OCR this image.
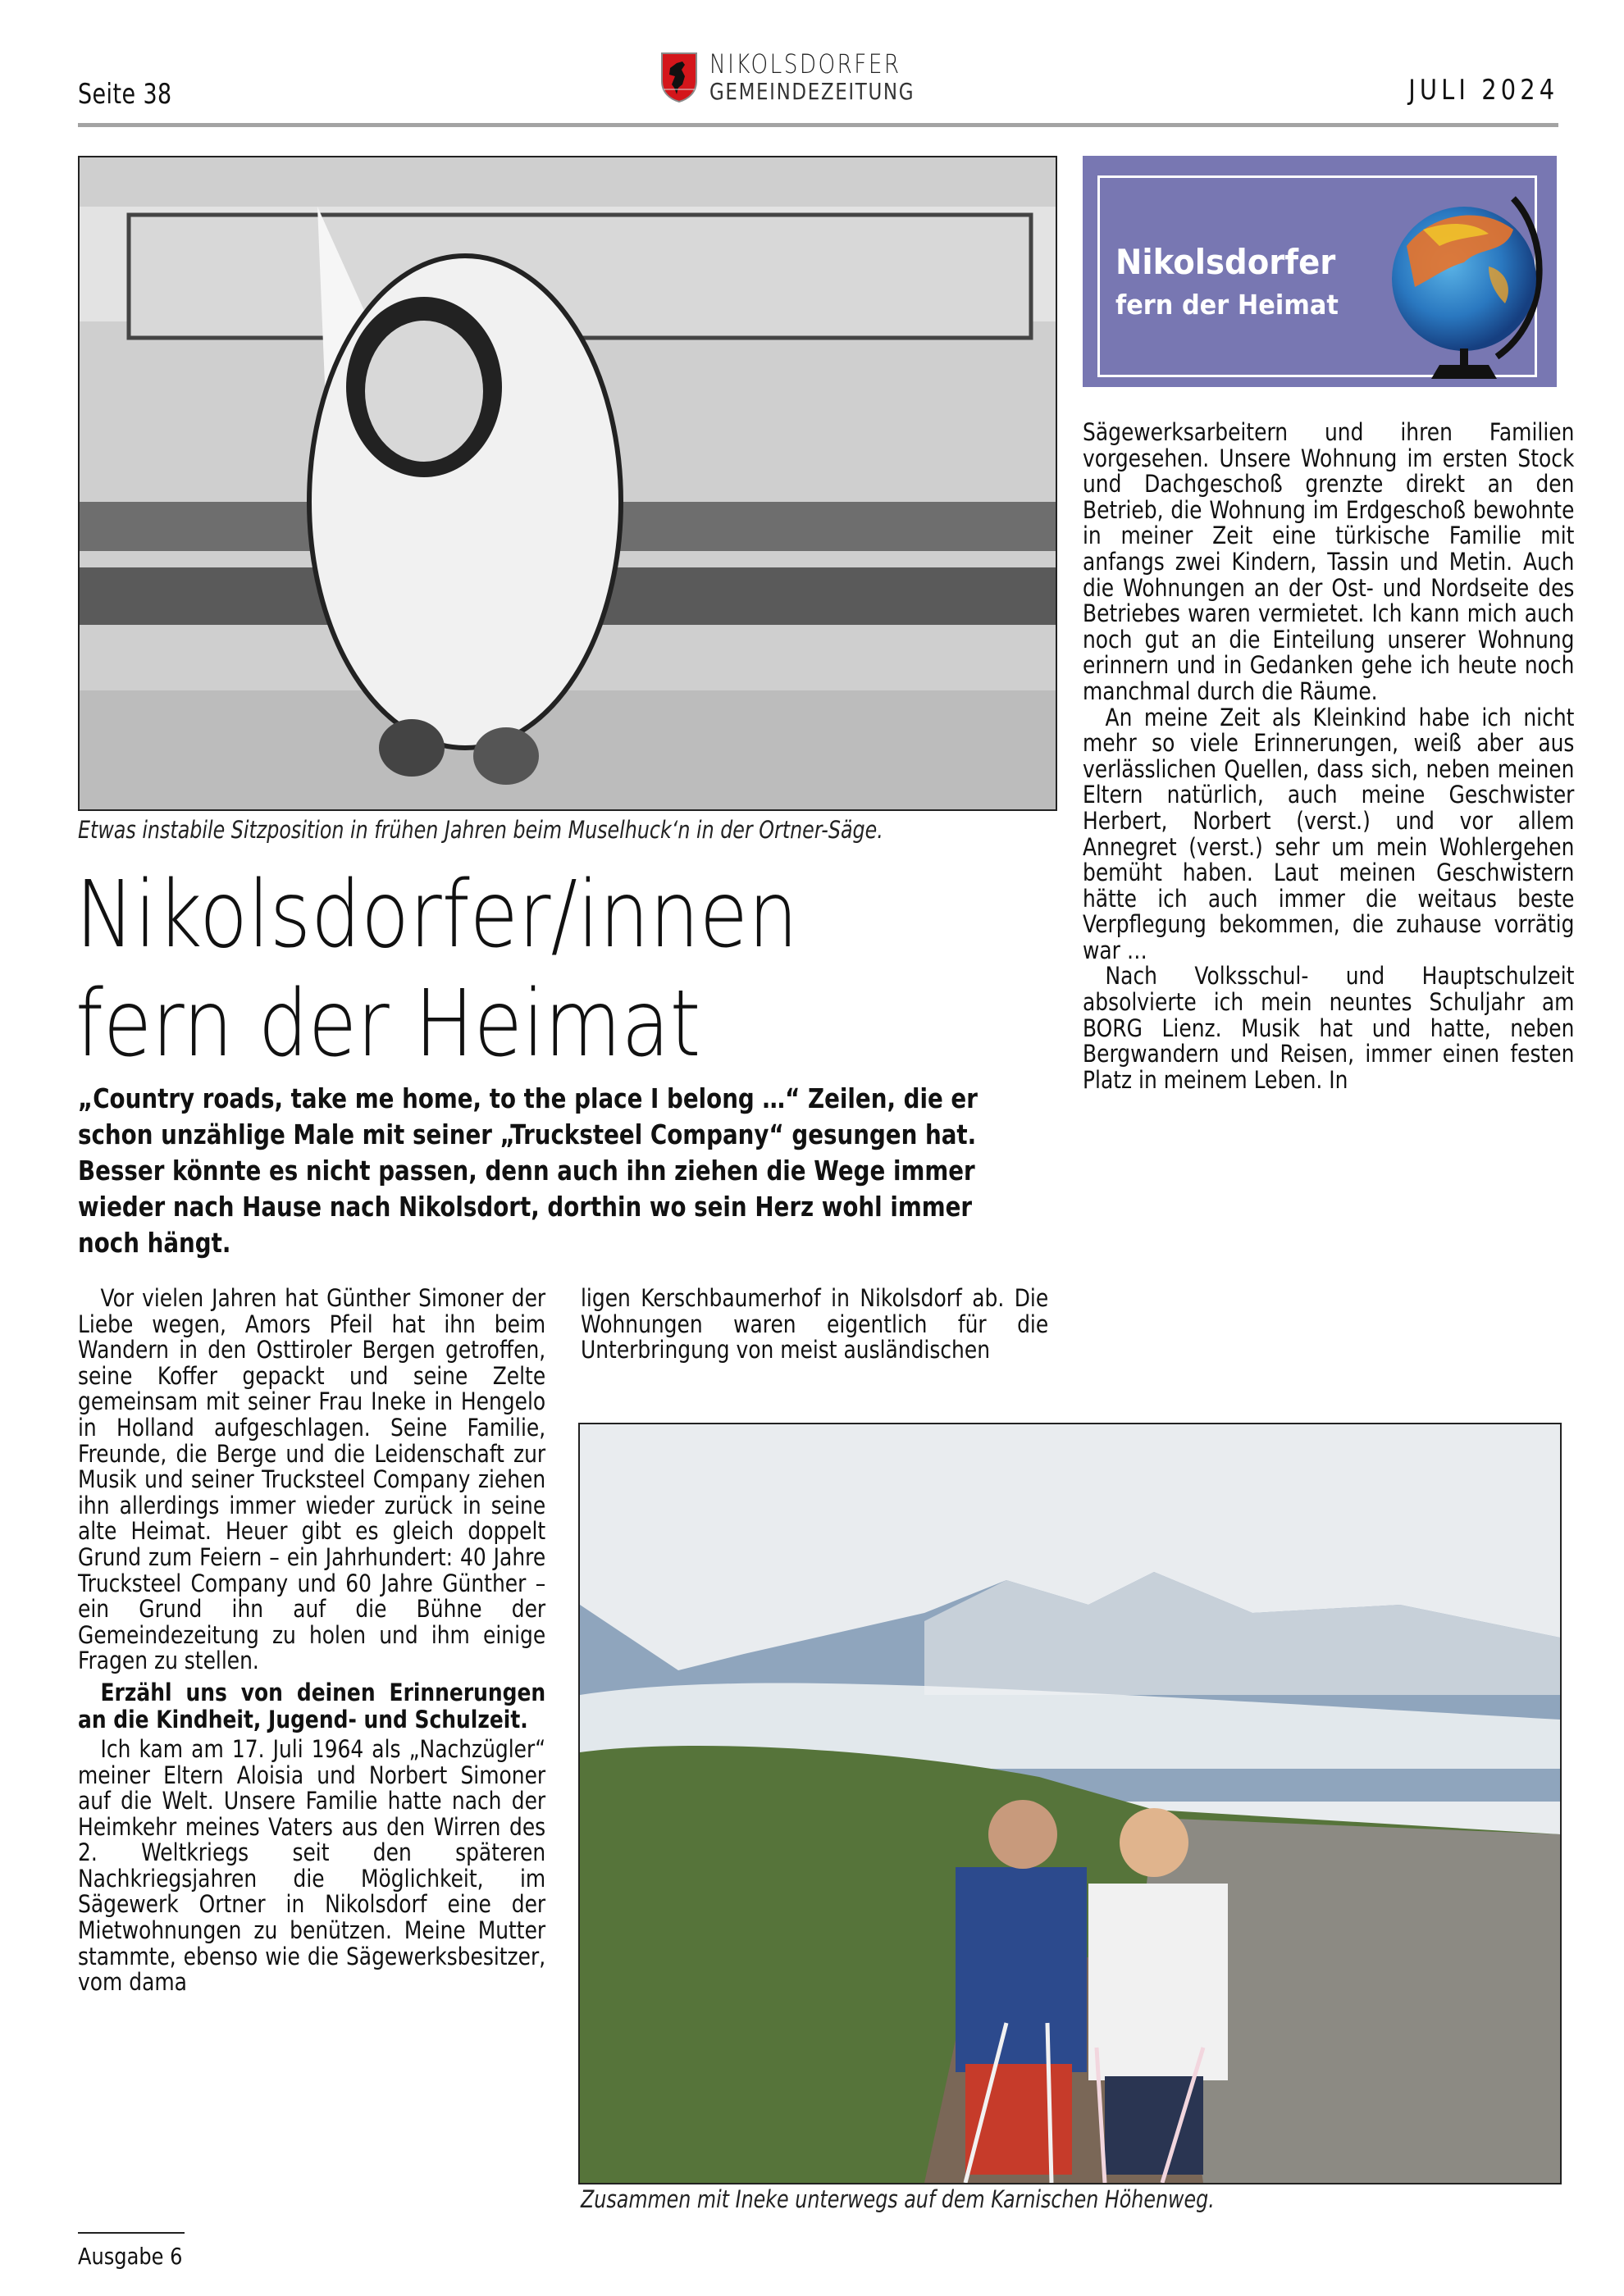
Seite 38
NIKOLSDORFER
GEMEINDEZEITUNG	JULI 2024
Etwas instabile Sitzposition in frühen Jahren beim Muselhuck‘n in der Ortner-Säge.
Nikolsdorfer
fern der Heimat
Nikolsdorfer/innen
fern der Heimat
„Country roads, take me home, to the place I belong …“ Zeilen, die er schon unzählige Male mit seiner „Trucksteel Company“ gesungen hat. Besser könnte es nicht passen, denn auch ihn ziehen die Wege immer wieder nach Hause nach Nikolsdort, dorthin wo sein Herz wohl immer noch hängt.

Vor vielen Jahren hat Günther Simoner der Liebe wegen, Amors Pfeil hat ihn beim Wandern in den Osttiroler Bergen getroffen, seine Koffer gepackt und seine Zelte gemeinsam mit seiner Frau Ineke in Hengelo in Holland aufgeschlagen. Seine Familie, Freunde, die Berge und die Leidenschaft zur Musik und seiner Trucksteel Company ziehen ihn allerdings immer wieder zurück in seine alte Heimat. Heuer gibt es gleich doppelt Grund zum Feiern – ein Jahrhundert: 40 Jahre Trucksteel Company und 60 Jahre Günther – ein Grund ihn auf die Bühne der Gemeindezeitung zu holen und ihm einige Fragen zu stellen.

Erzähl uns von deinen Erinnerungen an die Kindheit, Jugend- und Schulzeit.

Ich kam am 17. Juli 1964 als „Nachzügler“ meiner Eltern Aloisia und Norbert Simoner auf die Welt. Unsere Familie hatte nach der Heimkehr meines Vaters aus den Wirren des 2. Weltkriegs seit den späteren Nachkriegsjahren die Möglichkeit, im Sägewerk Ortner in Nikolsdorf eine der Mietwohnungen zu benützen. Meine Mutter stammte, ebenso wie die Sägewerksbesitzer, vom dama

ligen Kerschbaumerhof in Nikolsdorf ab. Die Wohnungen waren eigentlich für die Unterbringung von meist ausländischen

Sägewerksarbeitern und ihren Familien vorgesehen. Unsere Wohnung im ersten Stock und Dachgeschoß grenzte direkt an den Betrieb, die Wohnung im Erdgeschoß bewohnte in meiner Zeit eine türkische Familie mit anfangs zwei Kindern, Tassin und Metin. Auch die Wohnungen an der Ost- und Nordseite des Betriebes waren vermietet. Ich kann mich auch noch gut an die Einteilung unserer Wohnung erinnern und in Gedanken gehe ich heute noch manchmal durch die Räume.

An meine Zeit als Kleinkind habe ich nicht mehr so viele Erinnerungen, weiß aber aus verlässlichen Quellen, dass sich, neben meinen Eltern natürlich, auch meine Geschwister Herbert, Norbert (verst.) und vor allem Annegret (verst.) sehr um mein Wohlergehen bemüht haben. Laut meinen Geschwistern hätte ich auch immer die weitaus beste Verpflegung bekommen, die zuhause vorrätig war …

Nach Volksschul- und Hauptschulzeit absolvierte ich mein neuntes Schuljahr am BORG Lienz. Musik hat und hatte, neben Bergwandern und Reisen, immer einen festen Platz in meinem Leben. In

Zusammen mit Ineke unterwegs auf dem Karnischen Höhenweg.
Ausgabe 6
